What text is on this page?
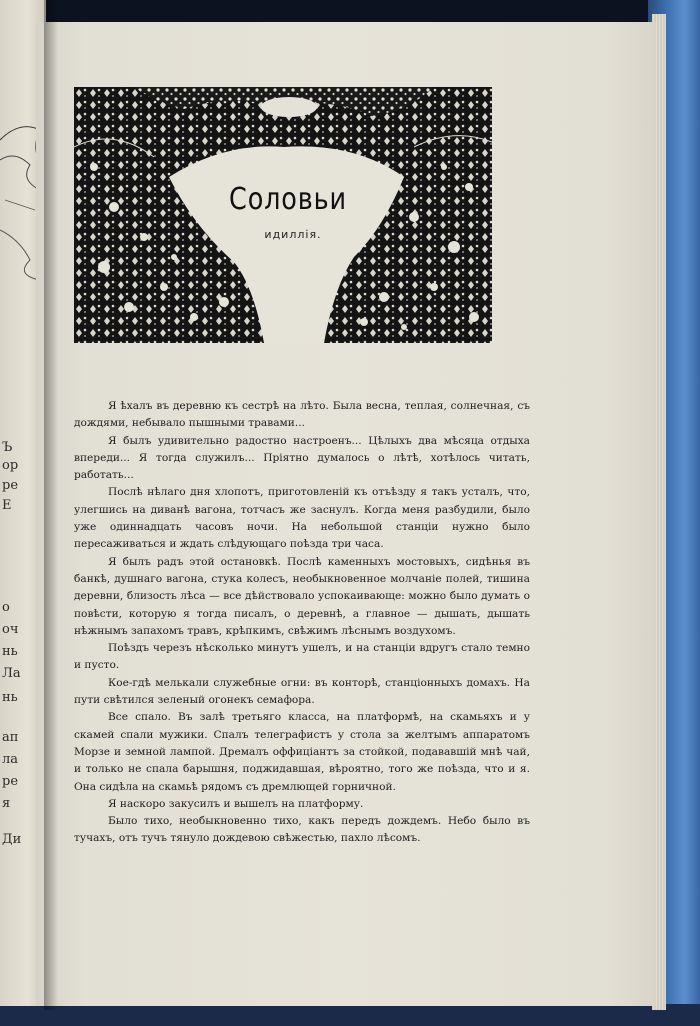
Ъ
ор
ре
Е
о
оч
нь
Ла
нь
ап
ла
ре
я
Ди
Соловьи
идиллія.

Я ѣхалъ въ деревню къ сестрѣ на лѣто. Была весна, теплая, солнечная, съ дождями, небывало пышными травами...

Я былъ удивительно радостно настроенъ... Цѣлыхъ два мѣсяца отдыха впереди... Я тогда служилъ... Пріятно думалось о лѣтѣ, хотѣлось читать, работать...

Послѣ нѣлаго дня хлопотъ, приготовленій къ отъѣзду я такъ усталъ, что, улегшись на диванѣ вагона, тотчасъ же заснулъ. Когда меня разбудили, было уже одиннадцать часовъ ночи. На небольшой станціи нужно было пересаживаться и ждать слѣдующаго поѣзда три часа.

Я былъ радъ этой остановкѣ. Послѣ каменныхъ мостовыхъ, сидѣнья въ банкѣ, душнаго вагона, стука колесъ, необыкновенное молчаніе полей, тишина деревни, близость лѣса — все дѣйствовало успокаивающе: можно было думать о повѣсти, которую я тогда писалъ, о деревнѣ, а главное — дышать, дышать нѣжнымъ запахомъ травъ, крѣпкимъ, свѣжимъ лѣснымъ воздухомъ.

Поѣздъ черезъ нѣсколько минутъ ушелъ, и на станціи вдругъ стало темно и пусто.

Кое-гдѣ мелькали служебные огни: въ конторѣ, станціонныхъ домахъ. На пути свѣтился зеленый огонекъ семафора.

Все спало. Въ залѣ третьяго класса, на платформѣ, на скамьяхъ и у скамей спали мужики. Спалъ телеграфистъ у стола за желтымъ аппаратомъ Морзе и земной лампой. Дремалъ оффиціантъ за стойкой, подававшій мнѣ чай, и только не спала барышня, поджидавшая, вѣроятно, того же поѣзда, что и я. Она сидѣла на скамьѣ рядомъ съ дремлющей горничной.

Я наскоро закусилъ и вышелъ на платформу.

Было тихо, необыкновенно тихо, какъ передъ дождемъ. Небо было въ тучахъ, отъ тучъ тянуло дождевою свѣжестью, пахло лѣсомъ.
